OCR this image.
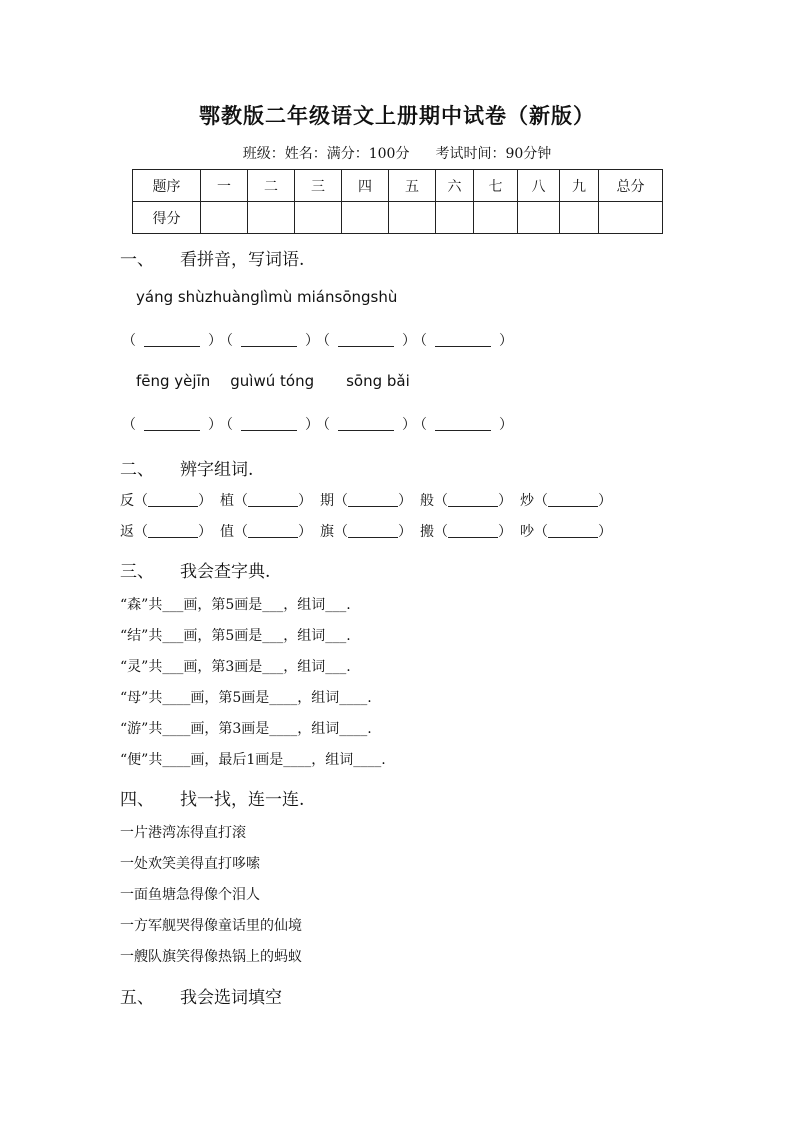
鄂教版二年级语文上册期中试卷（新版）
班级：姓名：满分：100分 考试时间：90分钟
题序	一	二	三	四	五	六	七	八	九	总分
得分										
一、 看拼音，写词语.
yáng shùzhuànglìmù miánsōngshù
（	） （	） （	） （	）
fēng yèjīn guìwú tóng sōng bǎi
（	） （	） （	） （	）
二、 辨字组词.
反（	） 植（	） 期（	） 般（	） 炒（	）
返（	） 值（	） 旗（	） 搬（	） 吵（	）
三、 我会查字典.
“森”共___画，第5画是___，组词___.
“结”共___画，第5画是___，组词___.
“灵”共___画，第3画是___，组词___.
“母”共____画，第5画是____，组词____.
“游”共____画，第3画是____，组词____.
“便”共____画，最后1画是____，组词____.
四、 找一找，连一连.
一片港湾冻得直打滚
一处欢笑美得直打哆嗦
一面鱼塘急得像个泪人
一方军舰哭得像童话里的仙境
一艘队旗笑得像热锅上的蚂蚁
五、 我会选词填空
